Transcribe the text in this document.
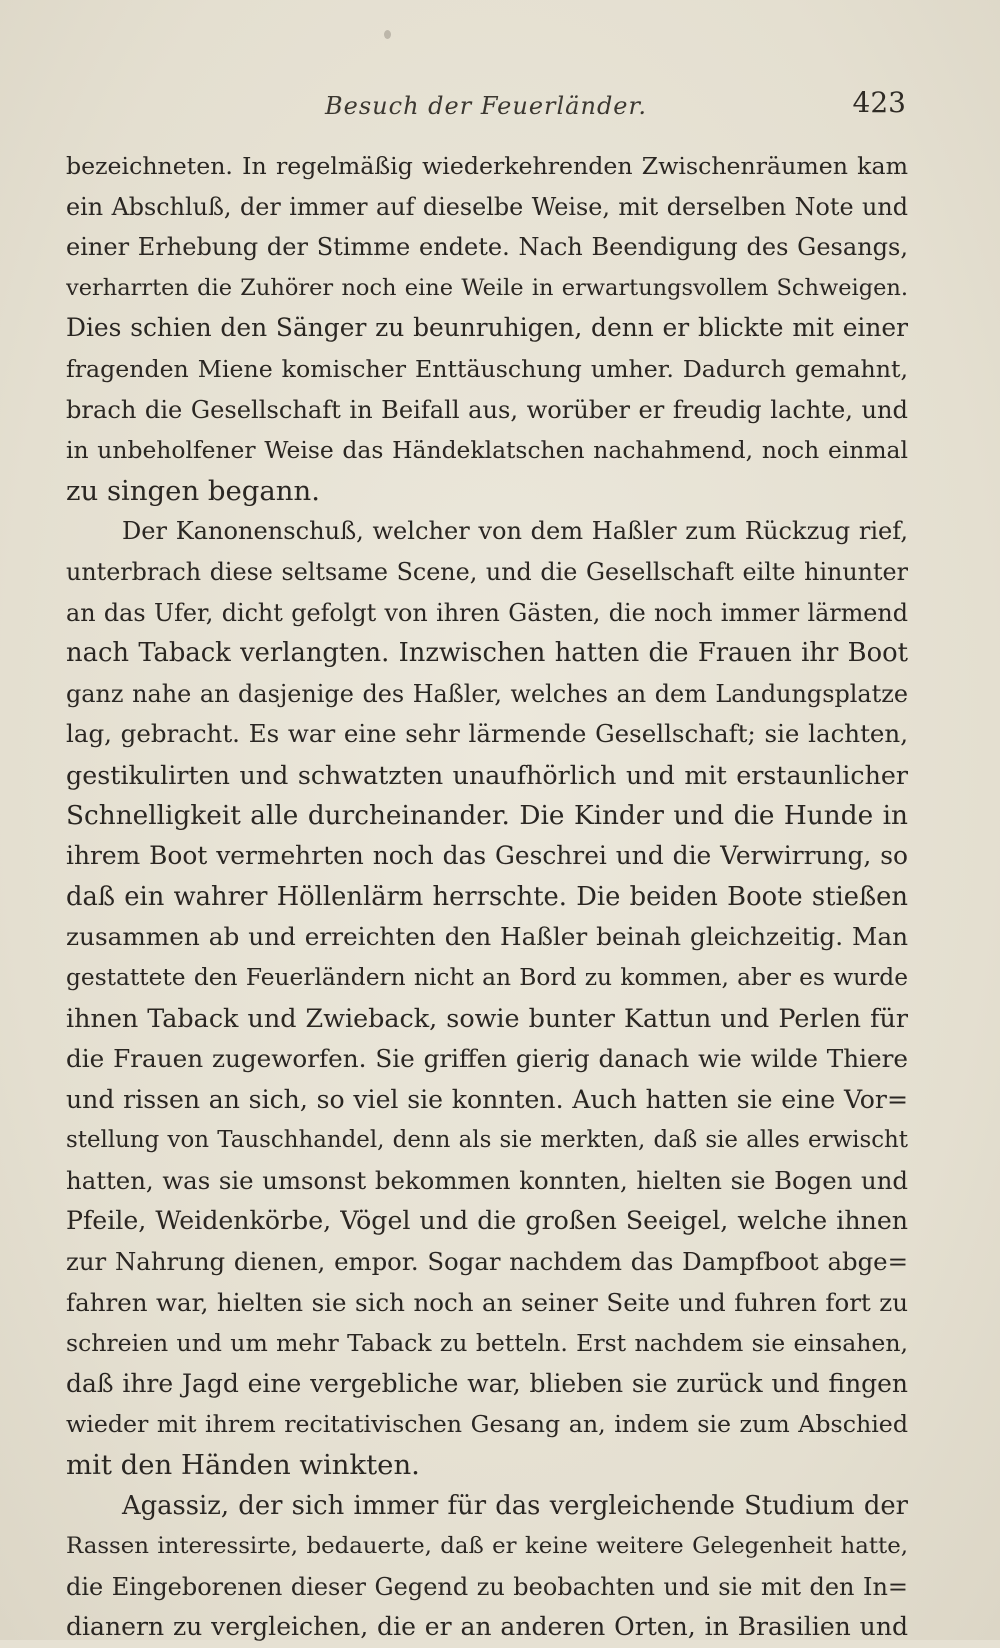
Besuch der Feuerländer.	423
bezeichneten. In regelmäßig wiederkehrenden Zwischenräumen kam
ein Abschluß, der immer auf dieselbe Weise, mit derselben Note und
einer Erhebung der Stimme endete. Nach Beendigung des Gesangs,
verharrten die Zuhörer noch eine Weile in erwartungsvollem Schweigen.
Dies schien den Sänger zu beunruhigen, denn er blickte mit einer
fragenden Miene komischer Enttäuschung umher. Dadurch gemahnt,
brach die Gesellschaft in Beifall aus, worüber er freudig lachte, und
in unbeholfener Weise das Händeklatschen nachahmend, noch einmal
zu singen begann.
Der Kanonenschuß, welcher von dem Haßler zum Rückzug rief,
unterbrach diese seltsame Scene, und die Gesellschaft eilte hinunter
an das Ufer, dicht gefolgt von ihren Gästen, die noch immer lärmend
nach Taback verlangten. Inzwischen hatten die Frauen ihr Boot
ganz nahe an dasjenige des Haßler, welches an dem Landungsplatze
lag, gebracht. Es war eine sehr lärmende Gesellschaft; sie lachten,
gestikulirten und schwatzten unaufhörlich und mit erstaunlicher
Schnelligkeit alle durcheinander. Die Kinder und die Hunde in
ihrem Boot vermehrten noch das Geschrei und die Verwirrung, so
daß ein wahrer Höllenlärm herrschte. Die beiden Boote stießen
zusammen ab und erreichten den Haßler beinah gleichzeitig. Man
gestattete den Feuerländern nicht an Bord zu kommen, aber es wurde
ihnen Taback und Zwieback, sowie bunter Kattun und Perlen für
die Frauen zugeworfen. Sie griffen gierig danach wie wilde Thiere
und rissen an sich, so viel sie konnten. Auch hatten sie eine Vor=
stellung von Tauschhandel, denn als sie merkten, daß sie alles erwischt
hatten, was sie umsonst bekommen konnten, hielten sie Bogen und
Pfeile, Weidenkörbe, Vögel und die großen Seeigel, welche ihnen
zur Nahrung dienen, empor. Sogar nachdem das Dampfboot abge=
fahren war, hielten sie sich noch an seiner Seite und fuhren fort zu
schreien und um mehr Taback zu betteln. Erst nachdem sie einsahen,
daß ihre Jagd eine vergebliche war, blieben sie zurück und fingen
wieder mit ihrem recitativischen Gesang an, indem sie zum Abschied
mit den Händen winkten.
Agassiz, der sich immer für das vergleichende Studium der
Rassen interessirte, bedauerte, daß er keine weitere Gelegenheit hatte,
die Eingeborenen dieser Gegend zu beobachten und sie mit den In=
dianern zu vergleichen, die er an anderen Orten, in Brasilien und
